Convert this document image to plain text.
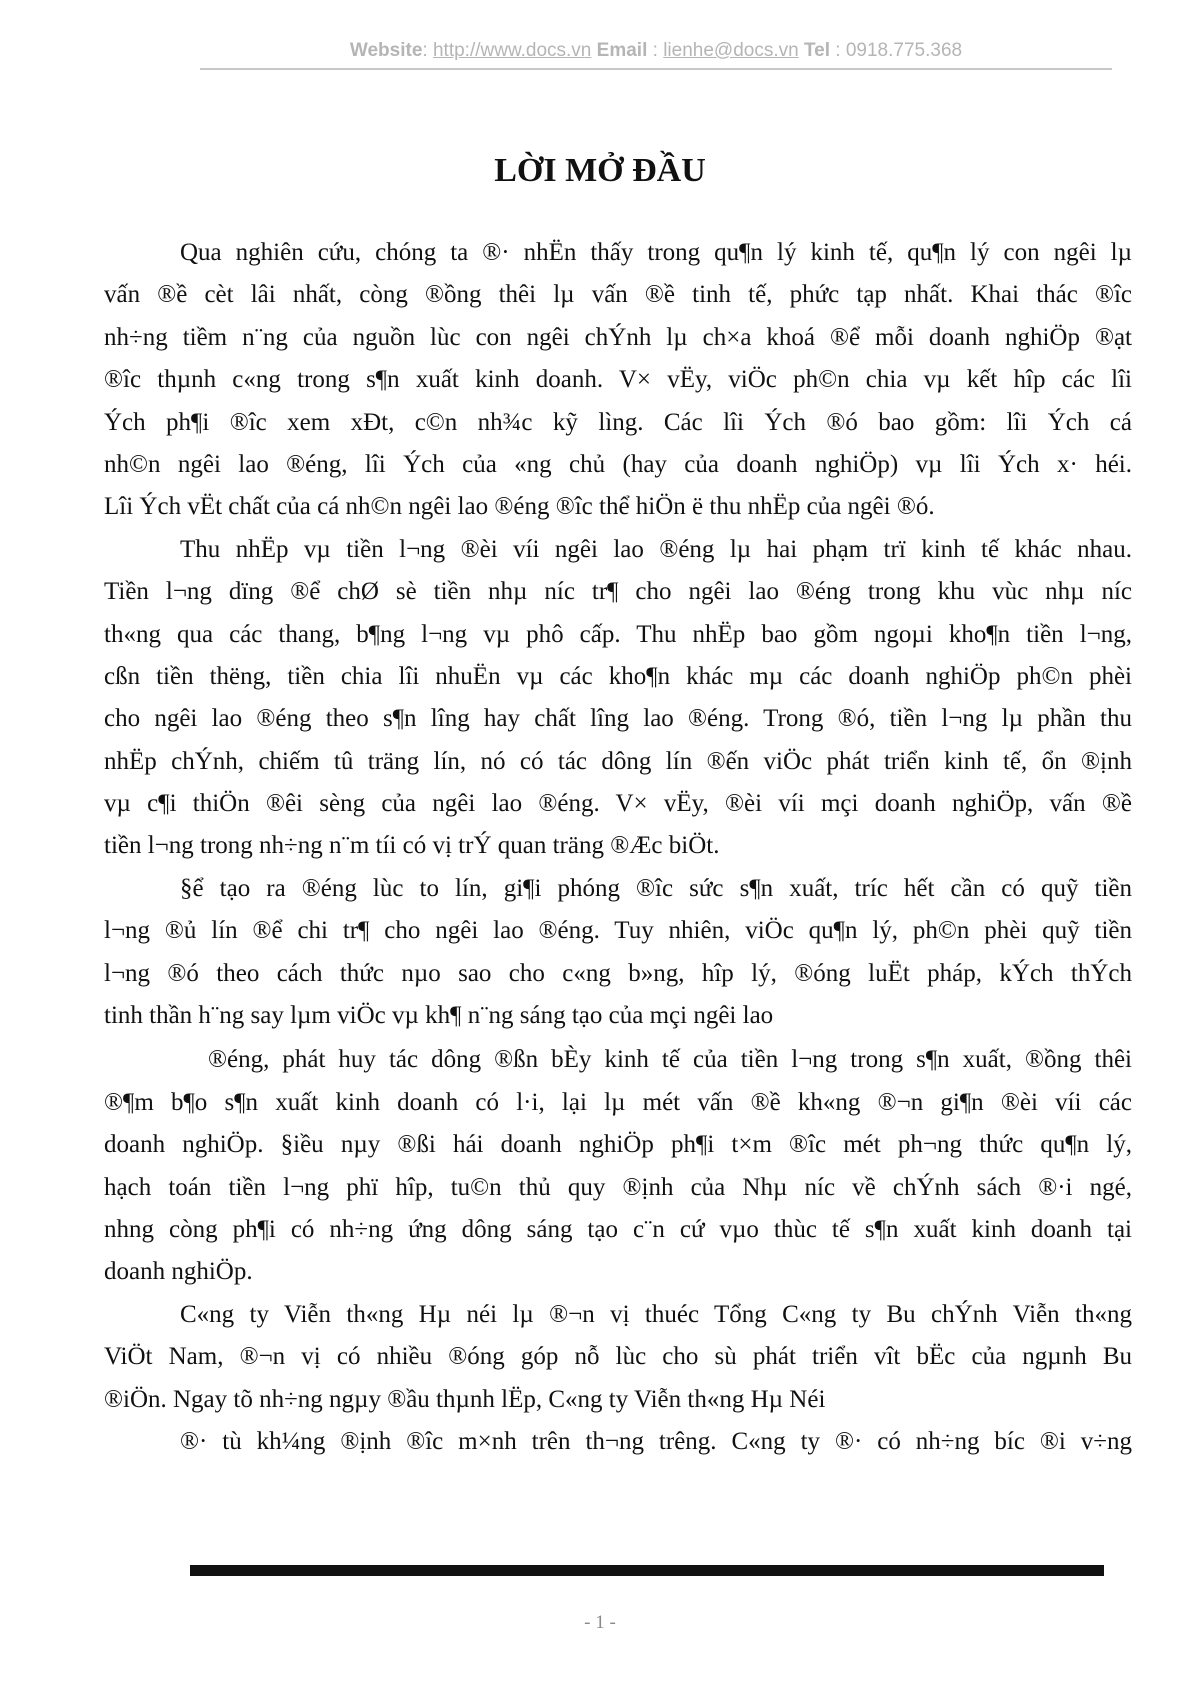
Website: http://www.docs.vn Email : lienhe@docs.vn Tel : 0918.775.368
LỜI MỞ ĐẦU

Qua nghiên cứu, chóng ta ®· nhËn thấy trong qu¶n lý kinh tế, qu¶n lý con ngêi lµ
vấn ®ề cèt lâi nhất, còng ®ồng thêi lµ vấn ®ề tinh tế, phức tạp nhất. Khai thác ®îc
nh÷ng tiềm n¨ng của nguồn lùc con ngêi chÝnh lµ ch×a khoá ®ể mỗi doanh nghiÖp ®ạt
®îc thµnh c«ng trong s¶n xuất kinh doanh. V× vËy, viÖc ph©n chia vµ kết hîp các lîi
Ých ph¶i ®îc xem xÐt, c©n nh¾c kỹ lìng. Các lîi Ých ®ó bao gồm: lîi Ých cá
nh©n ngêi lao ®éng, lîi Ých của «ng chủ (hay của doanh nghiÖp) vµ lîi Ých x· héi.
Lîi Ých vËt chất của cá nh©n ngêi lao ®éng ®îc thể hiÖn ë thu nhËp của ngêi ®ó.

Thu nhËp vµ tiền l¬ng ®èi víi ngêi lao ®éng lµ hai phạm trï kinh tế khác nhau.
Tiền l¬ng dïng ®ể chØ sè tiền nhµ níc tr¶ cho ngêi lao ®éng trong khu vùc nhµ níc
th«ng qua các thang, b¶ng l¬ng vµ phô cấp. Thu nhËp bao gồm ngoµi kho¶n tiền l¬ng,
cßn tiền thëng, tiền chia lîi nhuËn vµ các kho¶n khác mµ các doanh nghiÖp ph©n phèi
cho ngêi lao ®éng theo s¶n lîng hay chất lîng lao ®éng. Trong ®ó, tiền l¬ng lµ phần thu
nhËp chÝnh, chiếm tû träng lín, nó có tác dông lín ®ến viÖc phát triển kinh tế, ổn ®ịnh
vµ c¶i thiÖn ®êi sèng của ngêi lao ®éng. V× vËy, ®èi víi mçi doanh nghiÖp, vấn ®ề
tiền l¬ng trong nh÷ng n¨m tíi có vị trÝ quan träng ®Æc biÖt.

§ể tạo ra ®éng lùc to lín, gi¶i phóng ®îc sức s¶n xuất, tríc hết cần có quỹ tiền
l¬ng ®ủ lín ®ể chi tr¶ cho ngêi lao ®éng. Tuy nhiên, viÖc qu¶n lý, ph©n phèi quỹ tiền
l¬ng ®ó theo cách thức nµo sao cho c«ng b»ng, hîp lý, ®óng luËt pháp, kÝch thÝch
tinh thần h¨ng say lµm viÖc vµ kh¶ n¨ng sáng tạo của mçi ngêi lao

®éng, phát huy tác dông ®ßn bÈy kinh tế của tiền l¬ng trong s¶n xuất, ®ồng thêi
®¶m b¶o s¶n xuất kinh doanh có l·i, lại lµ mét vấn ®ề kh«ng ®¬n gi¶n ®èi víi các
doanh nghiÖp. §iều nµy ®ßi hái doanh nghiÖp ph¶i t×m ®îc mét ph¬ng thức qu¶n lý,
hạch toán tiền l¬ng phï hîp, tu©n thủ quy ®ịnh của Nhµ níc về chÝnh sách ®·i ngé,
nhng còng ph¶i có nh÷ng ứng dông sáng tạo c¨n cứ vµo thùc tế s¶n xuất kinh doanh tại
doanh nghiÖp.

C«ng ty Viễn th«ng Hµ néi lµ ®¬n vị thuéc Tổng C«ng ty Bu chÝnh Viễn th«ng
ViÖt Nam, ®¬n vị có nhiều ®óng góp nỗ lùc cho sù phát triển vît bËc của ngµnh Bu
®iÖn. Ngay tõ nh÷ng ngµy ®ầu thµnh lËp, C«ng ty Viễn th«ng Hµ Néi

®· tù kh¼ng ®ịnh ®îc m×nh trên th¬ng trêng. C«ng ty ®· có nh÷ng bíc ®i v÷ng

- 1 -
